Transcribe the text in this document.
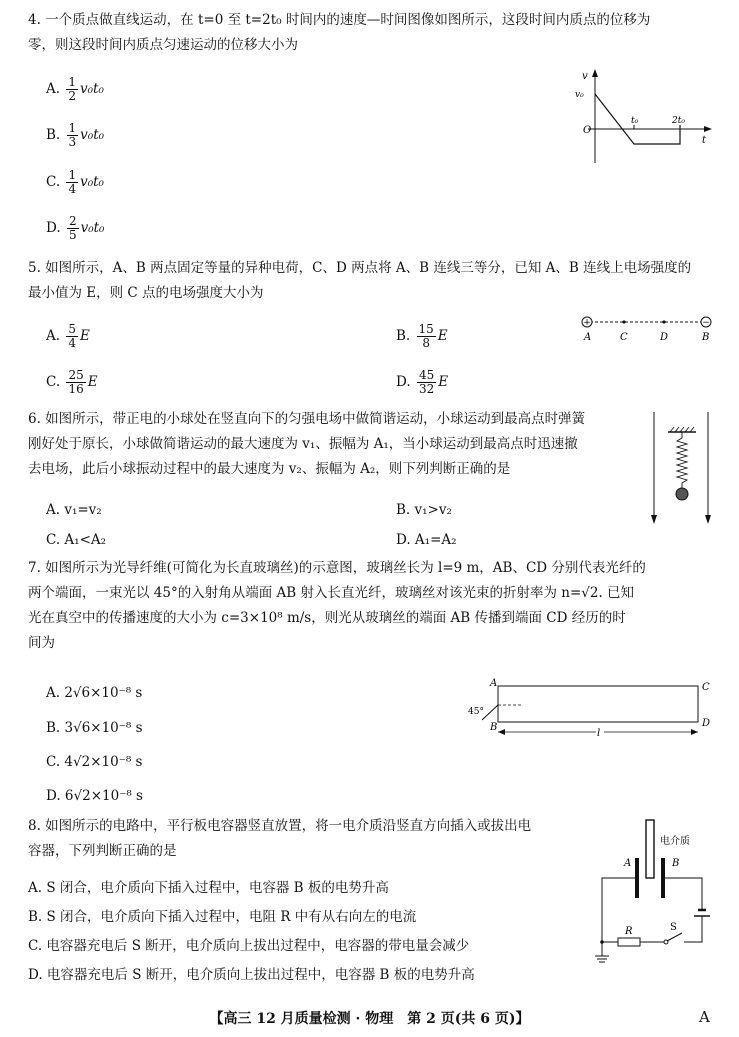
4. 一个质点做直线运动，在 t=0 至 t=2t₀ 时间内的速度—时间图像如图所示，这段时间内质点的位移为
零，则这段时间内质点匀速运动的位移大小为
A. $\frac{1}{2} v_0t_0$
B. $\frac{1}{3} v_0t_0$
C. $\frac{1}{4} v_0t_0$
D. $\frac{2}{5} v_0t_0$
v
v₀
O
t₀	2t₀
t
5. 如图所示，A、B 两点固定等量的异种电荷，C、D 两点将 A、B 连线三等分，已知 A、B 连线上电场强度的
最小值为 E，则 C 点的电场强度大小为
A. $\frac{5}{4}$ E	B. $\frac{15}{8}$ E
C. $\frac{25}{16}$ E	D. $\frac{45}{32}$ E
+	−
A	C	D	B
6. 如图所示，带正电的小球处在竖直向下的匀强电场中做简谐运动，小球运动到最高点时弹簧
刚好处于原长，小球做简谐运动的最大速度为 v₁、振幅为 A₁，当小球运动到最高点时迅速撤
去电场，此后小球振动过程中的最大速度为 v₂、振幅为 A₂，则下列判断正确的是
A. v₁=v₂	B. v₁>v₂
C. A₁<A₂	D. A₁=A₂
7. 如图所示为光导纤维(可简化为长直玻璃丝)的示意图，玻璃丝长为 l=9 m，AB、CD 分别代表光纤的
两个端面，一束光以 45°的入射角从端面 AB 射入长直光纤，玻璃丝对该光束的折射率为 n=√2. 已知
光在真空中的传播速度的大小为 c=3×10⁸ m/s，则光从玻璃丝的端面 AB 传播到端面 CD 经历的时
间为
A. 2√6×10⁻⁸ s
B. 3√6×10⁻⁸ s
C. 4√2×10⁻⁸ s
D. 6√2×10⁻⁸ s
A
B
C
D
45°
l
8. 如图所示的电路中，平行板电容器竖直放置，将一电介质沿竖直方向插入或拔出电
容器，下列判断正确的是
A. S 闭合，电介质向下插入过程中，电容器 B 板的电势升高
B. S 闭合，电介质向下插入过程中，电阻 R 中有从右向左的电流
C. 电容器充电后 S 断开，电介质向上拔出过程中，电容器的带电量会减少
D. 电容器充电后 S 断开，电介质向上拔出过程中，电容器 B 板的电势升高
电介质
A	B
R	S
【高三 12 月质量检测 · 物理　第 2 页(共 6 页)】	A
